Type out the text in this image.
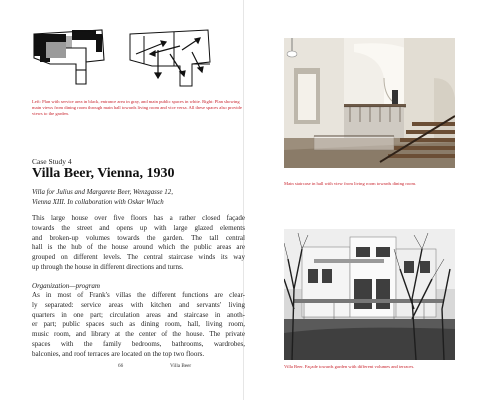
Left: Plan with service area in black, entrance area in gray, and main public spaces in white. Right: Plan showing main views from dining room through main hall towards living room and vice versa. All these spaces also provide views to the garden.

Case Study 4
Villa Beer, Vienna, 1930

Villa for Julius and Margarete Beer, Wenzgasse 12,
Vienna XIII. In collaboration with Oskar Wlach

This large house over five floors has a rather closed façade
towards the street and opens up with large glazed elements
and broken-up volumes towards the garden. The tall central
hall is the hub of the house around which the public areas are
grouped on different levels. The central staircase winds its way
up through the house in different directions and turns.

Organization—program

As in most of Frank's villas the different functions are clear-
ly separated: service areas with kitchen and servants' living
quarters in one part; circulation areas and staircase in anoth-
er part; public spaces such as dining room, hall, living room,
music room, and library at the center of the house. The private
spaces with the family bedrooms, bathrooms, wardrobes,
balconies, and roof terraces are located on the top two floors.

66	Villa Beer

Main staircase in hall with view from living room towards dining room.

Villa Beer. Façade towards garden with different volumes and terraces.
